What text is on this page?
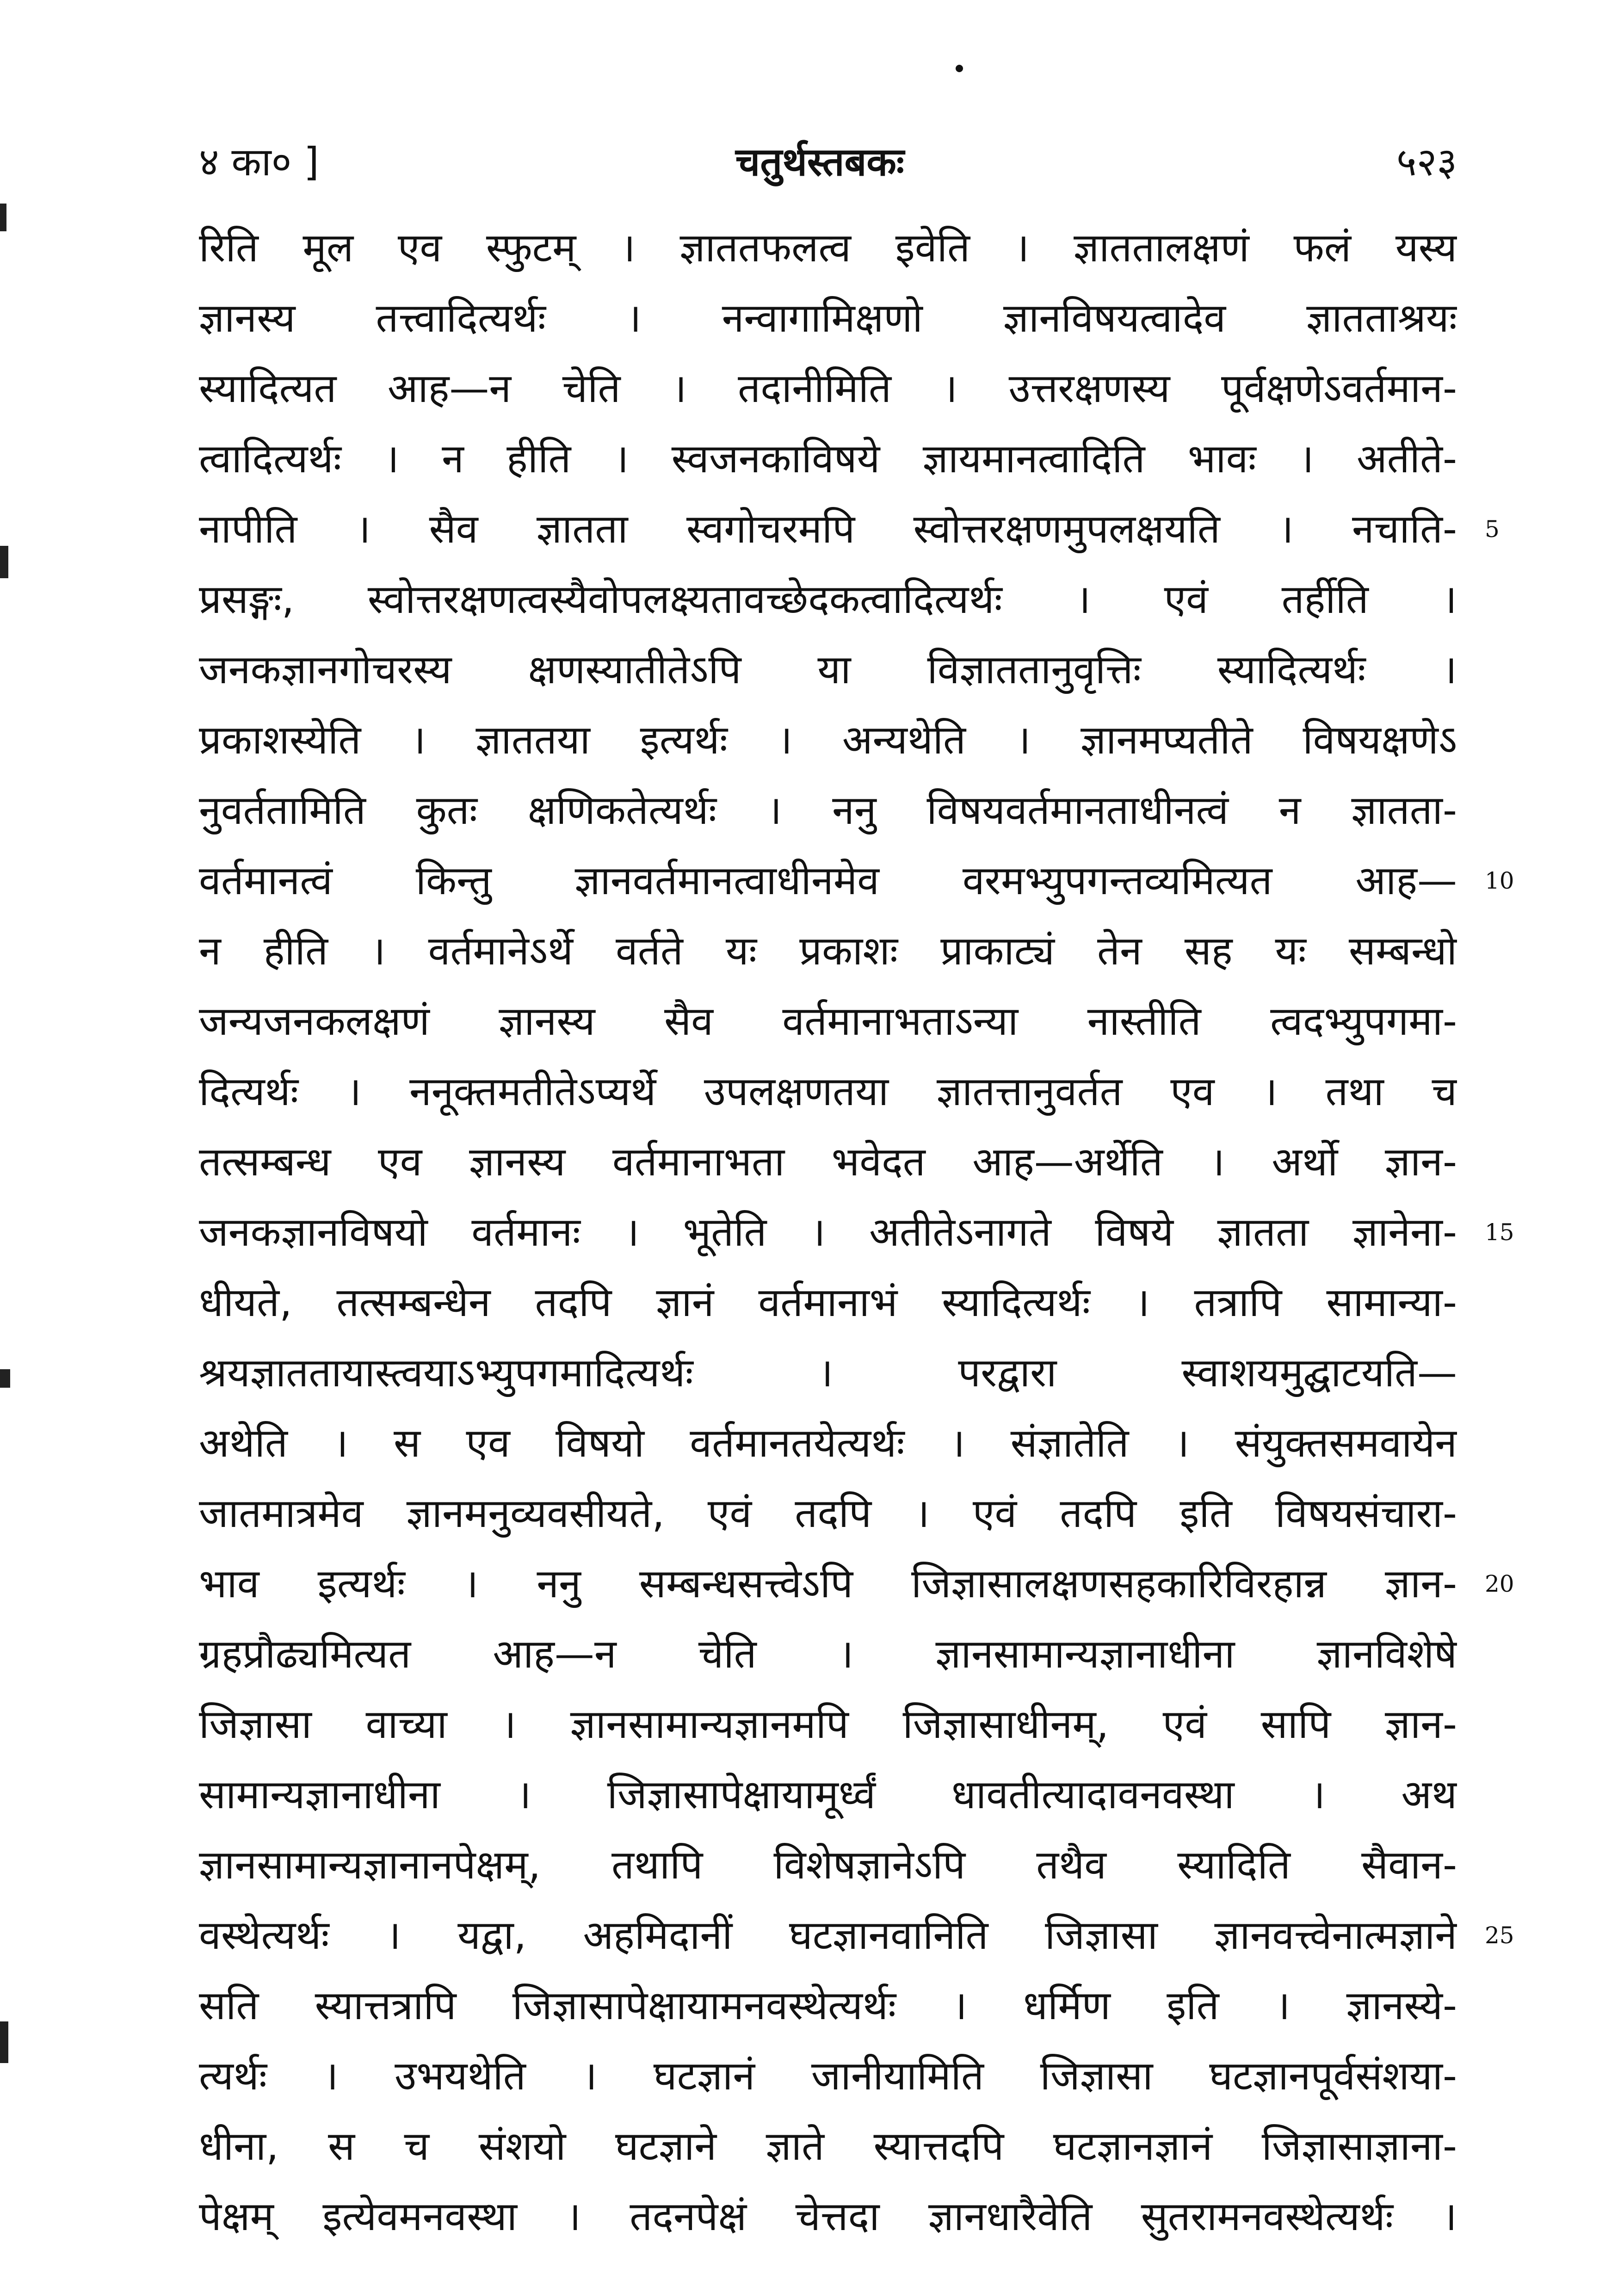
४ का० ]	चतुर्थस्तबकः	५२३
रिति मूल एव स्फुटम् । ज्ञाततफलत्व इवेति । ज्ञाततालक्षणं फलं यस्य
ज्ञानस्य तत्त्वादित्यर्थः । नन्वागामिक्षणो ज्ञानविषयत्वादेव ज्ञातताश्रयः
स्यादित्यत आह—न चेति । तदानीमिति । उत्तरक्षणस्य पूर्वक्षणेऽवर्तमान-
त्वादित्यर्थः । न हीति । स्वजनकाविषये ज्ञायमानत्वादिति भावः । अतीते-
नापीति । सैव ज्ञातता स्वगोचरमपि स्वोत्तरक्षणमुपलक्षयति । नचाति-
प्रसङ्गः, स्वोत्तरक्षणत्वस्यैवोपलक्ष्यतावच्छेदकत्वादित्यर्थः । एवं तर्हीति ।
जनकज्ञानगोचरस्य क्षणस्यातीतेऽपि या विज्ञाततानुवृत्तिः स्यादित्यर्थः ।
प्रकाशस्येति । ज्ञाततया इत्यर्थः । अन्यथेति । ज्ञानमप्यतीते विषयक्षणेऽ
नुवर्ततामिति कुतः क्षणिकतेत्यर्थः । ननु विषयवर्तमानताधीनत्वं न ज्ञातता-
वर्तमानत्वं किन्तु ज्ञानवर्तमानत्वाधीनमेव वरमभ्युपगन्तव्यमित्यत आह—
न हीति । वर्तमानेऽर्थे वर्तते यः प्रकाशः प्राकाट्यं तेन सह यः सम्बन्धो
जन्यजनकलक्षणं ज्ञानस्य सैव वर्तमानाभताऽन्या नास्तीति त्वदभ्युपगमा-
दित्यर्थः । ननूक्तमतीतेऽप्यर्थे उपलक्षणतया ज्ञातत्तानुवर्तत एव । तथा च
तत्सम्बन्ध एव ज्ञानस्य वर्तमानाभता भवेदत आह—अर्थेति । अर्थो ज्ञान-
जनकज्ञानविषयो वर्तमानः । भूतेति । अतीतेऽनागते विषये ज्ञातता ज्ञानेना-
धीयते, तत्सम्बन्धेन तदपि ज्ञानं वर्तमानाभं स्यादित्यर्थः । तत्रापि सामान्या-
श्रयज्ञाततायास्त्वयाऽभ्युपगमादित्यर्थः । परद्वारा स्वाशयमुद्घाटयति—
अथेति । स एव विषयो वर्तमानतयेत्यर्थः । संज्ञातेति । संयुक्तसमवायेन
जातमात्रमेव ज्ञानमनुव्यवसीयते, एवं तदपि । एवं तदपि इति विषयसंचारा-
भाव इत्यर्थः । ननु सम्बन्धसत्त्वेऽपि जिज्ञासालक्षणसहकारिविरहान्न ज्ञान-
ग्रहप्रौढ्यमित्यत आह—न चेति । ज्ञानसामान्यज्ञानाधीना ज्ञानविशेषे
जिज्ञासा वाच्या । ज्ञानसामान्यज्ञानमपि जिज्ञासाधीनम्, एवं सापि ज्ञान-
सामान्यज्ञानाधीना । जिज्ञासापेक्षायामूर्ध्वं धावतीत्यादावनवस्था । अथ
ज्ञानसामान्यज्ञानानपेक्षम्, तथापि विशेषज्ञानेऽपि तथैव स्यादिति सैवान-
वस्थेत्यर्थः । यद्वा, अहमिदानीं घटज्ञानवानिति जिज्ञासा ज्ञानवत्त्वेनात्मज्ञाने
सति स्यात्तत्रापि जिज्ञासापेक्षायामनवस्थेत्यर्थः । धर्मिण इति । ज्ञानस्ये-
त्यर्थः । उभयथेति । घटज्ञानं जानीयामिति जिज्ञासा घटज्ञानपूर्वसंशया-
धीना, स च संशयो घटज्ञाने ज्ञाते स्यात्तदपि घटज्ञानज्ञानं जिज्ञासाज्ञाना-
पेक्षम् इत्येवमनवस्था । तदनपेक्षं चेत्तदा ज्ञानधारैवेति सुतरामनवस्थेत्यर्थः ।
5
10
15
20
25
